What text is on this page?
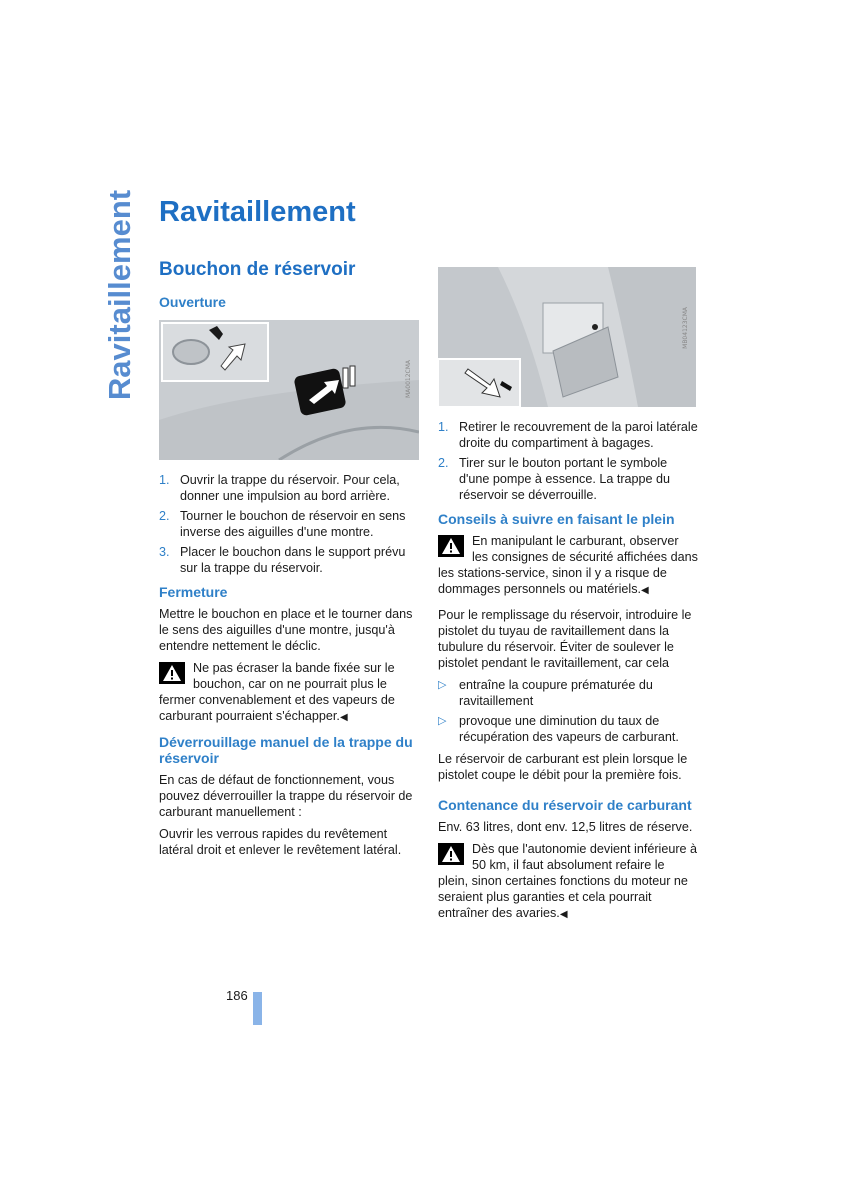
Ravitaillement Ravitaillement
Bouchon de réservoir
Ouverture
MA0012CMA
1. Ouvrir la trappe du réservoir. Pour cela, donner une impulsion au bord arrière.
2. Tourner le bouchon de réservoir en sens inverse des aiguilles d'une montre.
3. Placer le bouchon dans le support prévu sur la trappe du réservoir.
Fermeture

Mettre le bouchon en place et le tourner dans le sens des aiguilles d'une montre, jusqu'à entendre nettement le déclic.

Ne pas écraser la bande fixée sur le bouchon, car on ne pourrait plus le fermer convenablement et des vapeurs de carburant pourraient s'échapper.◀
Déverrouillage manuel de la trappe du réservoir

En cas de défaut de fonctionnement, vous pouvez déverrouiller la trappe du réservoir de carburant manuellement :

Ouvrir les verrous rapides du revêtement latéral droit et enlever le revêtement latéral.

MB04123CMA
1. Retirer le recouvrement de la paroi latérale droite du compartiment à bagages.
2. Tirer sur le bouton portant le symbole d'une pompe à essence. La trappe du réservoir se déverrouille.
Conseils à suivre en faisant le plein
En manipulant le carburant, observer les consignes de sécurité affichées dans les stations-service, sinon il y a risque de dommages personnels ou matériels.◀

Pour le remplissage du réservoir, introduire le pistolet du tuyau de ravitaillement dans la tubulure du réservoir. Éviter de soulever le pistolet pendant le ravitaillement, car cela

▷ entraîne la coupure prématurée du ravitaillement
▷ provoque une diminution du taux de récupération des vapeurs de carburant.

Le réservoir de carburant est plein lorsque le pistolet coupe le débit pour la première fois.

Contenance du réservoir de carburant

Env. 63 litres, dont env. 12,5 litres de réserve.

Dès que l'autonomie devient inférieure à 50 km, il faut absolument refaire le plein, sinon certaines fonctions du moteur ne seraient plus garanties et cela pourrait entraîner des avaries.◀
186
